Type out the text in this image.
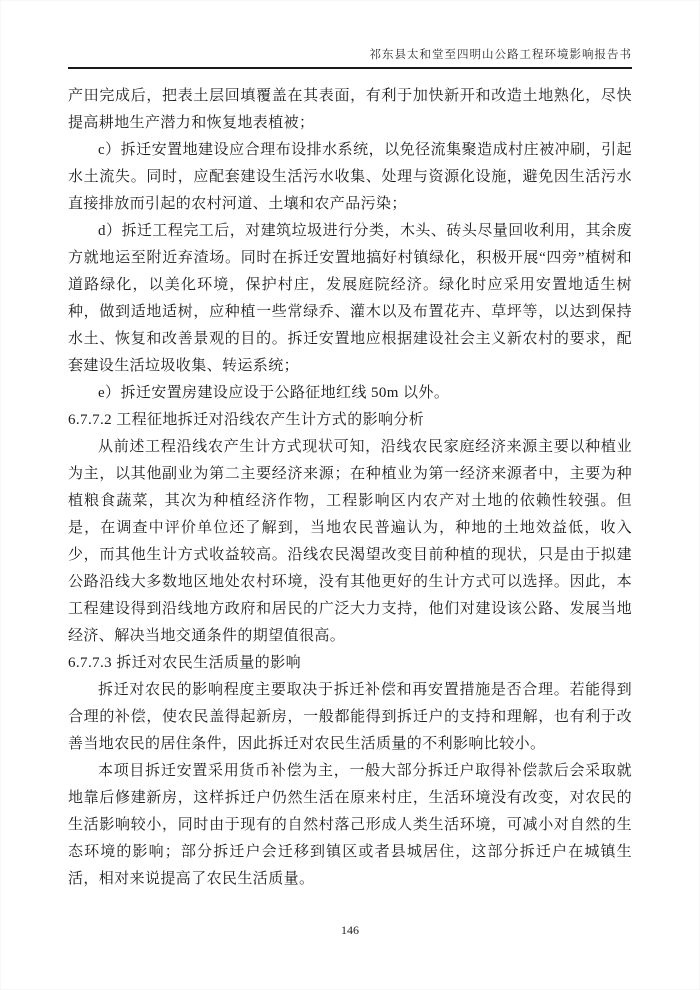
祁东县太和堂至四明山公路工程环境影响报告书

产田完成后，把表土层回填覆盖在其表面，有利于加快新开和改造土地熟化，尽快提高耕地生产潜力和恢复地表植被；

c）拆迁安置地建设应合理布设排水系统，以免径流集聚造成村庄被冲刷，引起水土流失。同时，应配套建设生活污水收集、处理与资源化设施，避免因生活污水直接排放而引起的农村河道、土壤和农产品污染；

d）拆迁工程完工后，对建筑垃圾进行分类，木头、砖头尽量回收利用，其余废方就地运至附近弃渣场。同时在拆迁安置地搞好村镇绿化，积极开展“四旁”植树和道路绿化，以美化环境，保护村庄，发展庭院经济。绿化时应采用安置地适生树种，做到适地适树，应种植一些常绿乔、灌木以及布置花卉、草坪等，以达到保持水土、恢复和改善景观的目的。拆迁安置地应根据建设社会主义新农村的要求，配套建设生活垃圾收集、转运系统；

e）拆迁安置房建设应设于公路征地红线 50m 以外。

6.7.7.2 工程征地拆迁对沿线农产生计方式的影响分析

从前述工程沿线农产生计方式现状可知，沿线农民家庭经济来源主要以种植业为主，以其他副业为第二主要经济来源；在种植业为第一经济来源者中，主要为种植粮食蔬菜，其次为种植经济作物，工程影响区内农产对土地的依赖性较强。但是，在调查中评价单位还了解到，当地农民普遍认为，种地的土地效益低，收入少，而其他生计方式收益较高。沿线农民渴望改变目前种植的现状，只是由于拟建公路沿线大多数地区地处农村环境，没有其他更好的生计方式可以选择。因此，本工程建设得到沿线地方政府和居民的广泛大力支持，他们对建设该公路、发展当地经济、解决当地交通条件的期望值很高。

6.7.7.3 拆迁对农民生活质量的影响

拆迁对农民的影响程度主要取决于拆迁补偿和再安置措施是否合理。若能得到合理的补偿，使农民盖得起新房，一般都能得到拆迁户的支持和理解，也有利于改善当地农民的居住条件，因此拆迁对农民生活质量的不利影响比较小。

本项目拆迁安置采用货币补偿为主，一般大部分拆迁户取得补偿款后会采取就地靠后修建新房，这样拆迁户仍然生活在原来村庄，生活环境没有改变，对农民的生活影响较小，同时由于现有的自然村落己形成人类生活环境，可减小对自然的生态环境的影响；部分拆迁户会迁移到镇区或者县城居住，这部分拆迁户在城镇生活，相对来说提高了农民生活质量。

146
